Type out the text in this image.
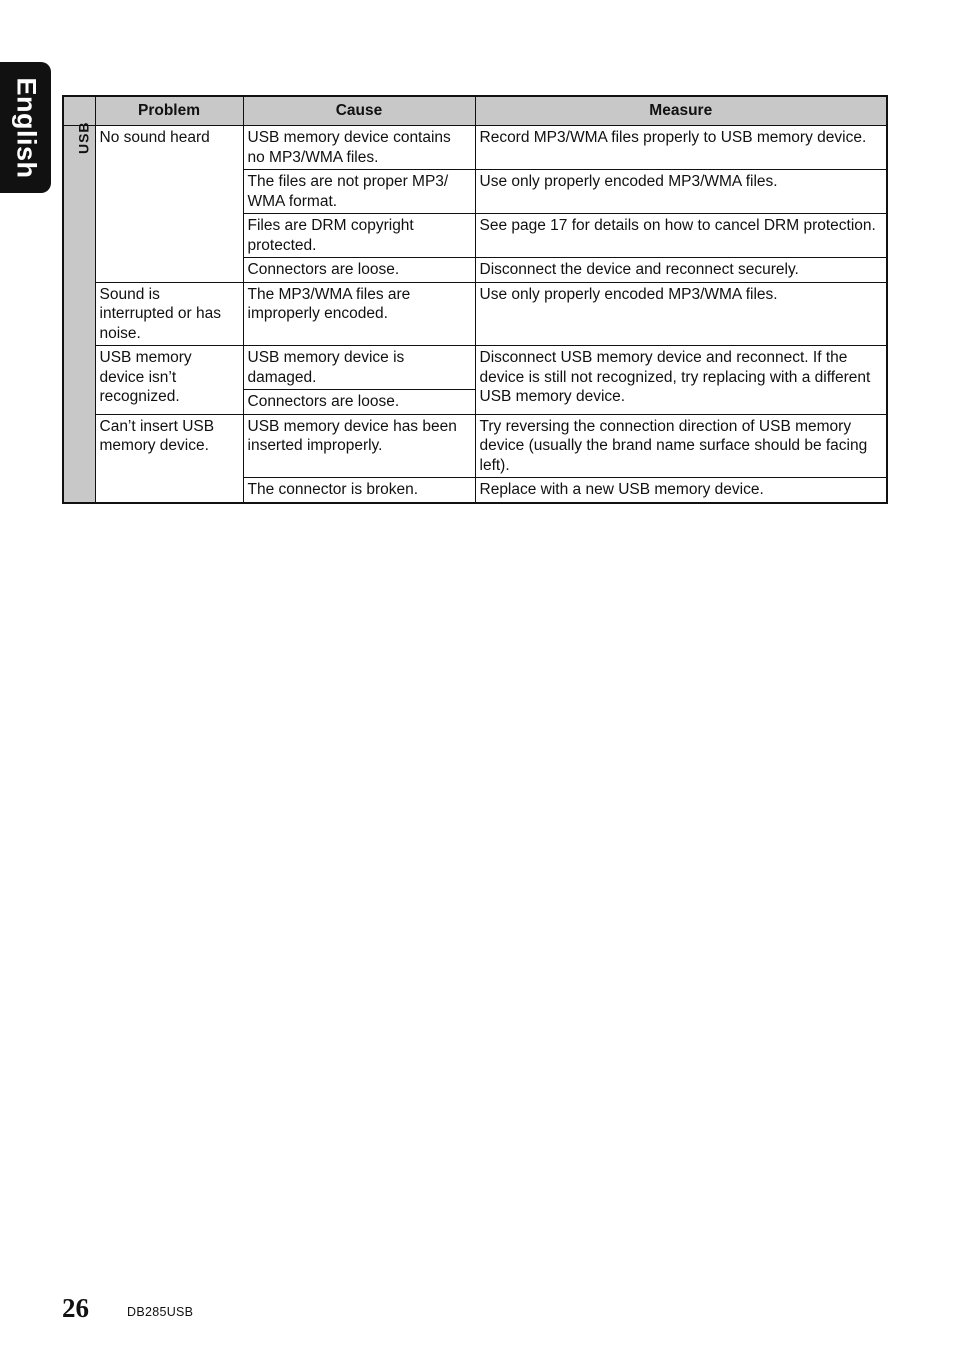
English
		Problem	Cause	Measure
USB	No sound heard	USB memory device contains no MP3/WMA files.	Record MP3/WMA files properly to USB memory device.
		The files are not proper MP3/ WMA format.	Use only properly encoded MP3/WMA files.
		Files are DRM copyright protected.	See page 17 for details on how to cancel DRM protection.
		Connectors are loose.	Disconnect the device and reconnect securely.
	Sound is interrupted or has noise.	The MP3/WMA files are improperly encoded.	Use only properly encoded MP3/WMA files.
	USB memory device isn’t recognized.	USB memory device is damaged.	Disconnect USB memory device and reconnect. If the device is still not recognized, try replacing with a different USB memory device.
		Connectors are loose.	
	Can’t insert USB memory device.	USB memory device has been inserted improperly.	Try reversing the connection direction of USB memory device (usually the brand name surface should be facing left).
		The connector is broken.	Replace with a new USB memory device.
26	DB285USB
